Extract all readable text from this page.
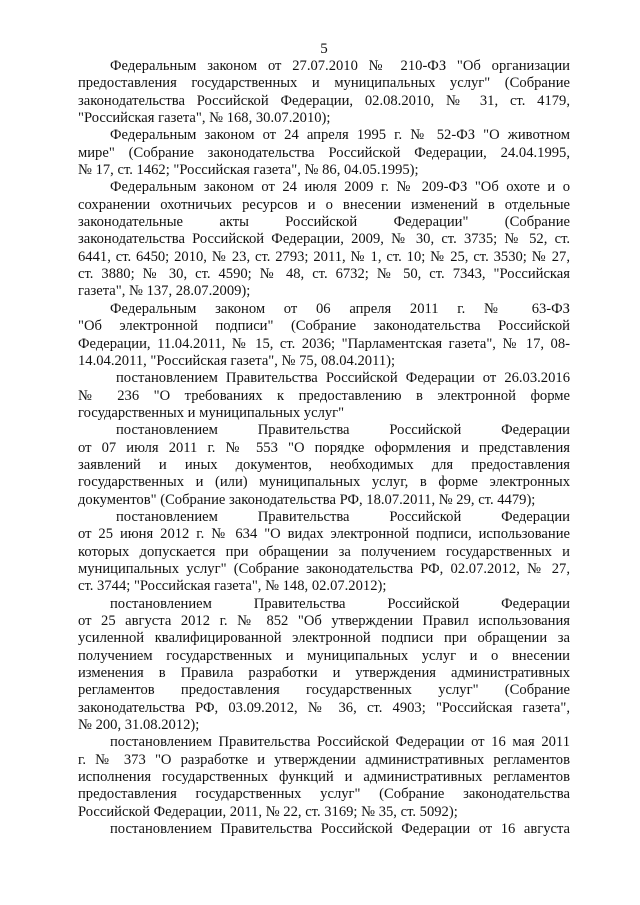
5
Федеральным законом от 27.07.2010 № 210-ФЗ "Об организации
предоставления государственных и муниципальных услуг" (Собрание
законодательства Российской Федерации, 02.08.2010, № 31, ст. 4179,
"Российская газета", № 168, 30.07.2010);
Федеральным законом от 24 апреля 1995 г. № 52-ФЗ "О животном
мире" (Собрание законодательства Российской Федерации, 24.04.1995,
№ 17, ст. 1462; "Российская газета", № 86, 04.05.1995);
Федеральным законом от 24 июля 2009 г. № 209-ФЗ "Об охоте и о
сохранении охотничьих ресурсов и о внесении изменений в отдельные
законодательные акты Российской Федерации" (Собрание
законодательства Российской Федерации, 2009, № 30, ст. 3735; № 52, ст.
6441, ст. 6450; 2010, № 23, ст. 2793; 2011, № 1, ст. 10; № 25, ст. 3530; № 27,
ст. 3880; № 30, ст. 4590; № 48, ст. 6732; № 50, ст. 7343, "Российская
газета", № 137, 28.07.2009);
Федеральным законом от 06 апреля 2011 г. № 63-ФЗ
"Об электронной подписи" (Собрание законодательства Российской
Федерации, 11.04.2011, № 15, ст. 2036; "Парламентская газета", № 17, 08-
14.04.2011, "Российская газета", № 75, 08.04.2011);
постановлением Правительства Российской Федерации от 26.03.2016
№ 236 "О требованиях к предоставлению в электронной форме
государственных и муниципальных услуг"
постановлением Правительства Российской Федерации
от 07 июля 2011 г. № 553 "О порядке оформления и представления
заявлений и иных документов, необходимых для предоставления
государственных и (или) муниципальных услуг, в форме электронных
документов" (Собрание законодательства РФ, 18.07.2011, № 29, ст. 4479);
постановлением Правительства Российской Федерации
от 25 июня 2012 г. № 634 "О видах электронной подписи, использование
которых допускается при обращении за получением государственных и
муниципальных услуг" (Собрание законодательства РФ, 02.07.2012, № 27,
ст. 3744; "Российская газета", № 148, 02.07.2012);
постановлением Правительства Российской Федерации
от 25 августа 2012 г. № 852 "Об утверждении Правил использования
усиленной квалифицированной электронной подписи при обращении за
получением государственных и муниципальных услуг и о внесении
изменения в Правила разработки и утверждения административных
регламентов предоставления государственных услуг" (Собрание
законодательства РФ, 03.09.2012, № 36, ст. 4903; "Российская газета",
№ 200, 31.08.2012);
постановлением Правительства Российской Федерации от 16 мая 2011
г. № 373 "О разработке и утверждении административных регламентов
исполнения государственных функций и административных регламентов
предоставления государственных услуг" (Собрание законодательства
Российской Федерации, 2011, № 22, ст. 3169; № 35, ст. 5092);
постановлением Правительства Российской Федерации от 16 августа
